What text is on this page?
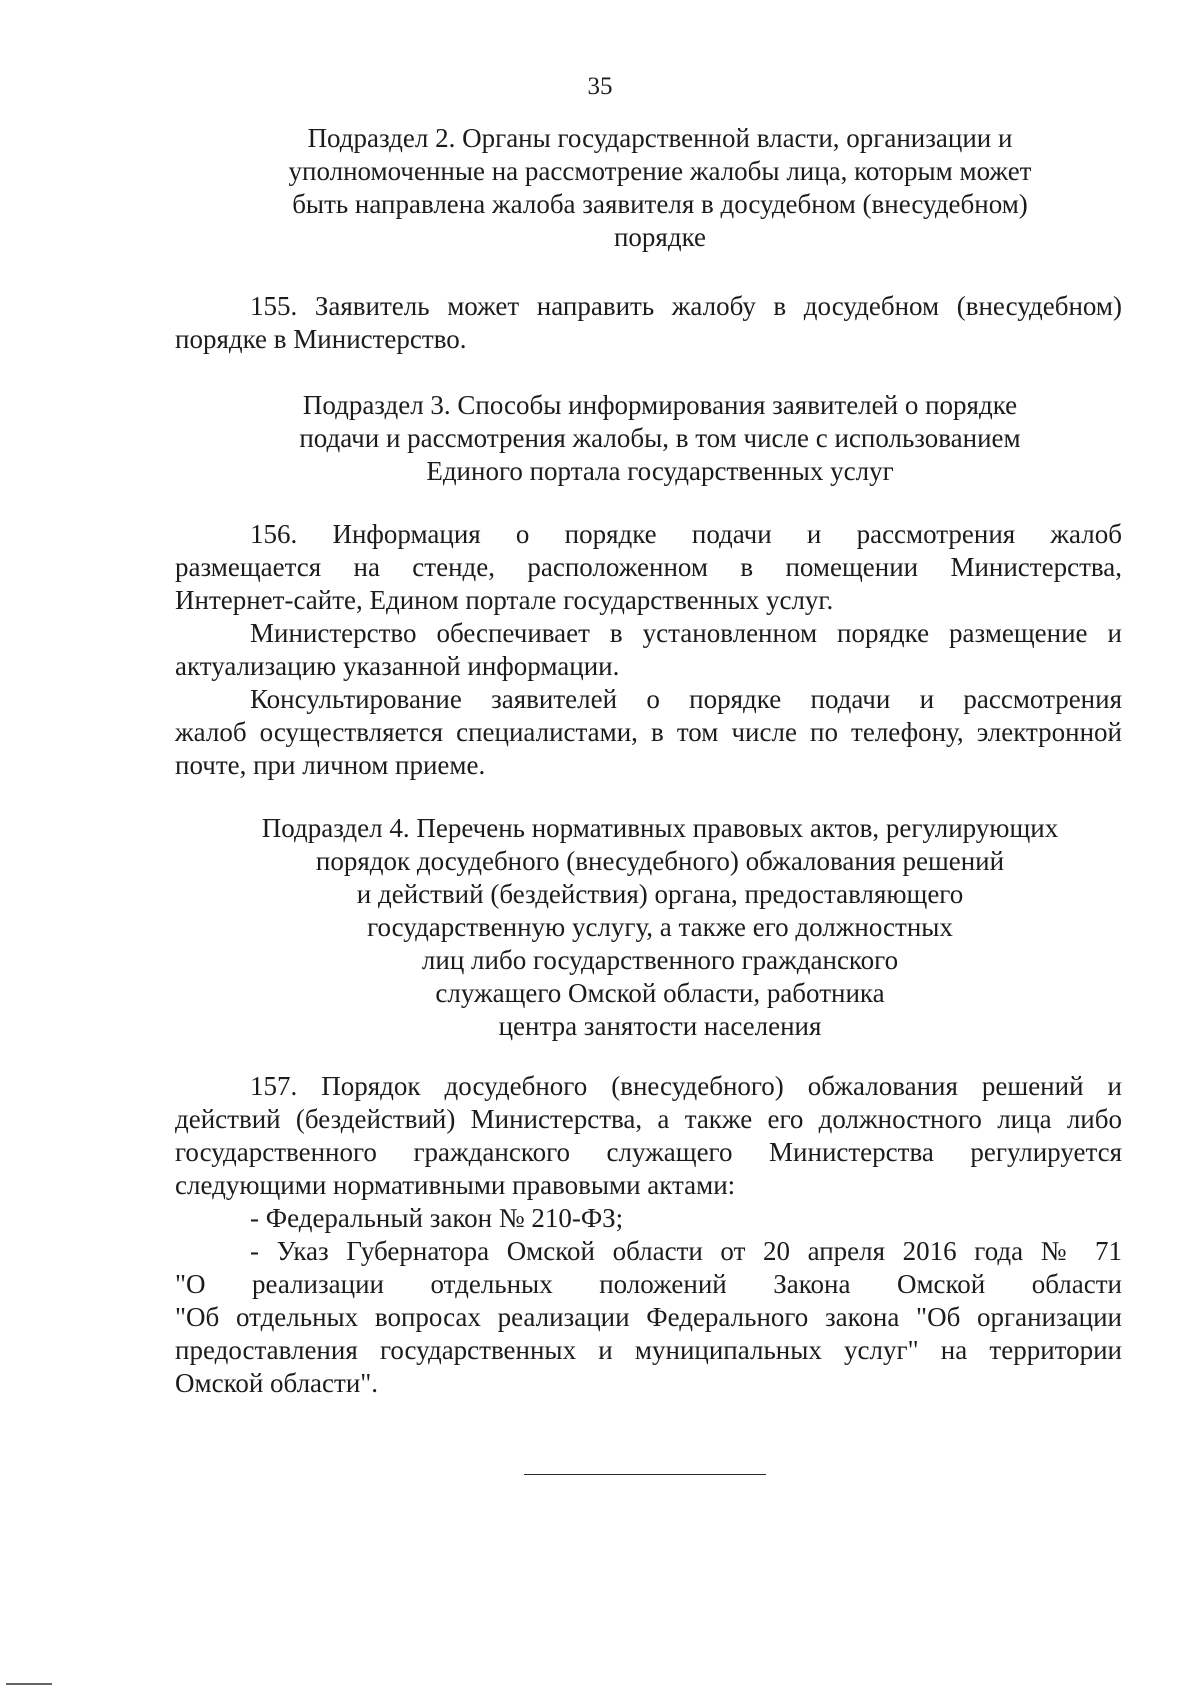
35
Подраздел 2. Органы государственной власти, организации и
уполномоченные на рассмотрение жалобы лица, которым может
быть направлена жалоба заявителя в досудебном (внесудебном)
порядке
155. Заявитель может направить жалобу в досудебном (внесудебном)
порядке в Министерство.
Подраздел 3. Способы информирования заявителей о порядке
подачи и рассмотрения жалобы, в том числе с использованием
Единого портала государственных услуг
156. Информация о порядке подачи и рассмотрения жалоб
размещается на стенде, расположенном в помещении Министерства,
Интернет-сайте, Едином портале государственных услуг.
Министерство обеспечивает в установленном порядке размещение и
актуализацию указанной информации.
Консультирование заявителей о порядке подачи и рассмотрения
жалоб осуществляется специалистами, в том числе по телефону, электронной
почте, при личном приеме.
Подраздел 4. Перечень нормативных правовых актов, регулирующих
порядок досудебного (внесудебного) обжалования решений
и действий (бездействия) органа, предоставляющего
государственную услугу, а также его должностных
лиц либо государственного гражданского
служащего Омской области, работника
центра занятости населения
157. Порядок досудебного (внесудебного) обжалования решений и
действий (бездействий) Министерства, а также его должностного лица либо
государственного гражданского служащего Министерства регулируется
следующими нормативными правовыми актами:
- Федеральный закон № 210-ФЗ;
- Указ Губернатора Омской области от 20 апреля 2016 года № 71
"О реализации отдельных положений Закона Омской области
"Об отдельных вопросах реализации Федерального закона "Об организации
предоставления государственных и муниципальных услуг" на территории
Омской области".
